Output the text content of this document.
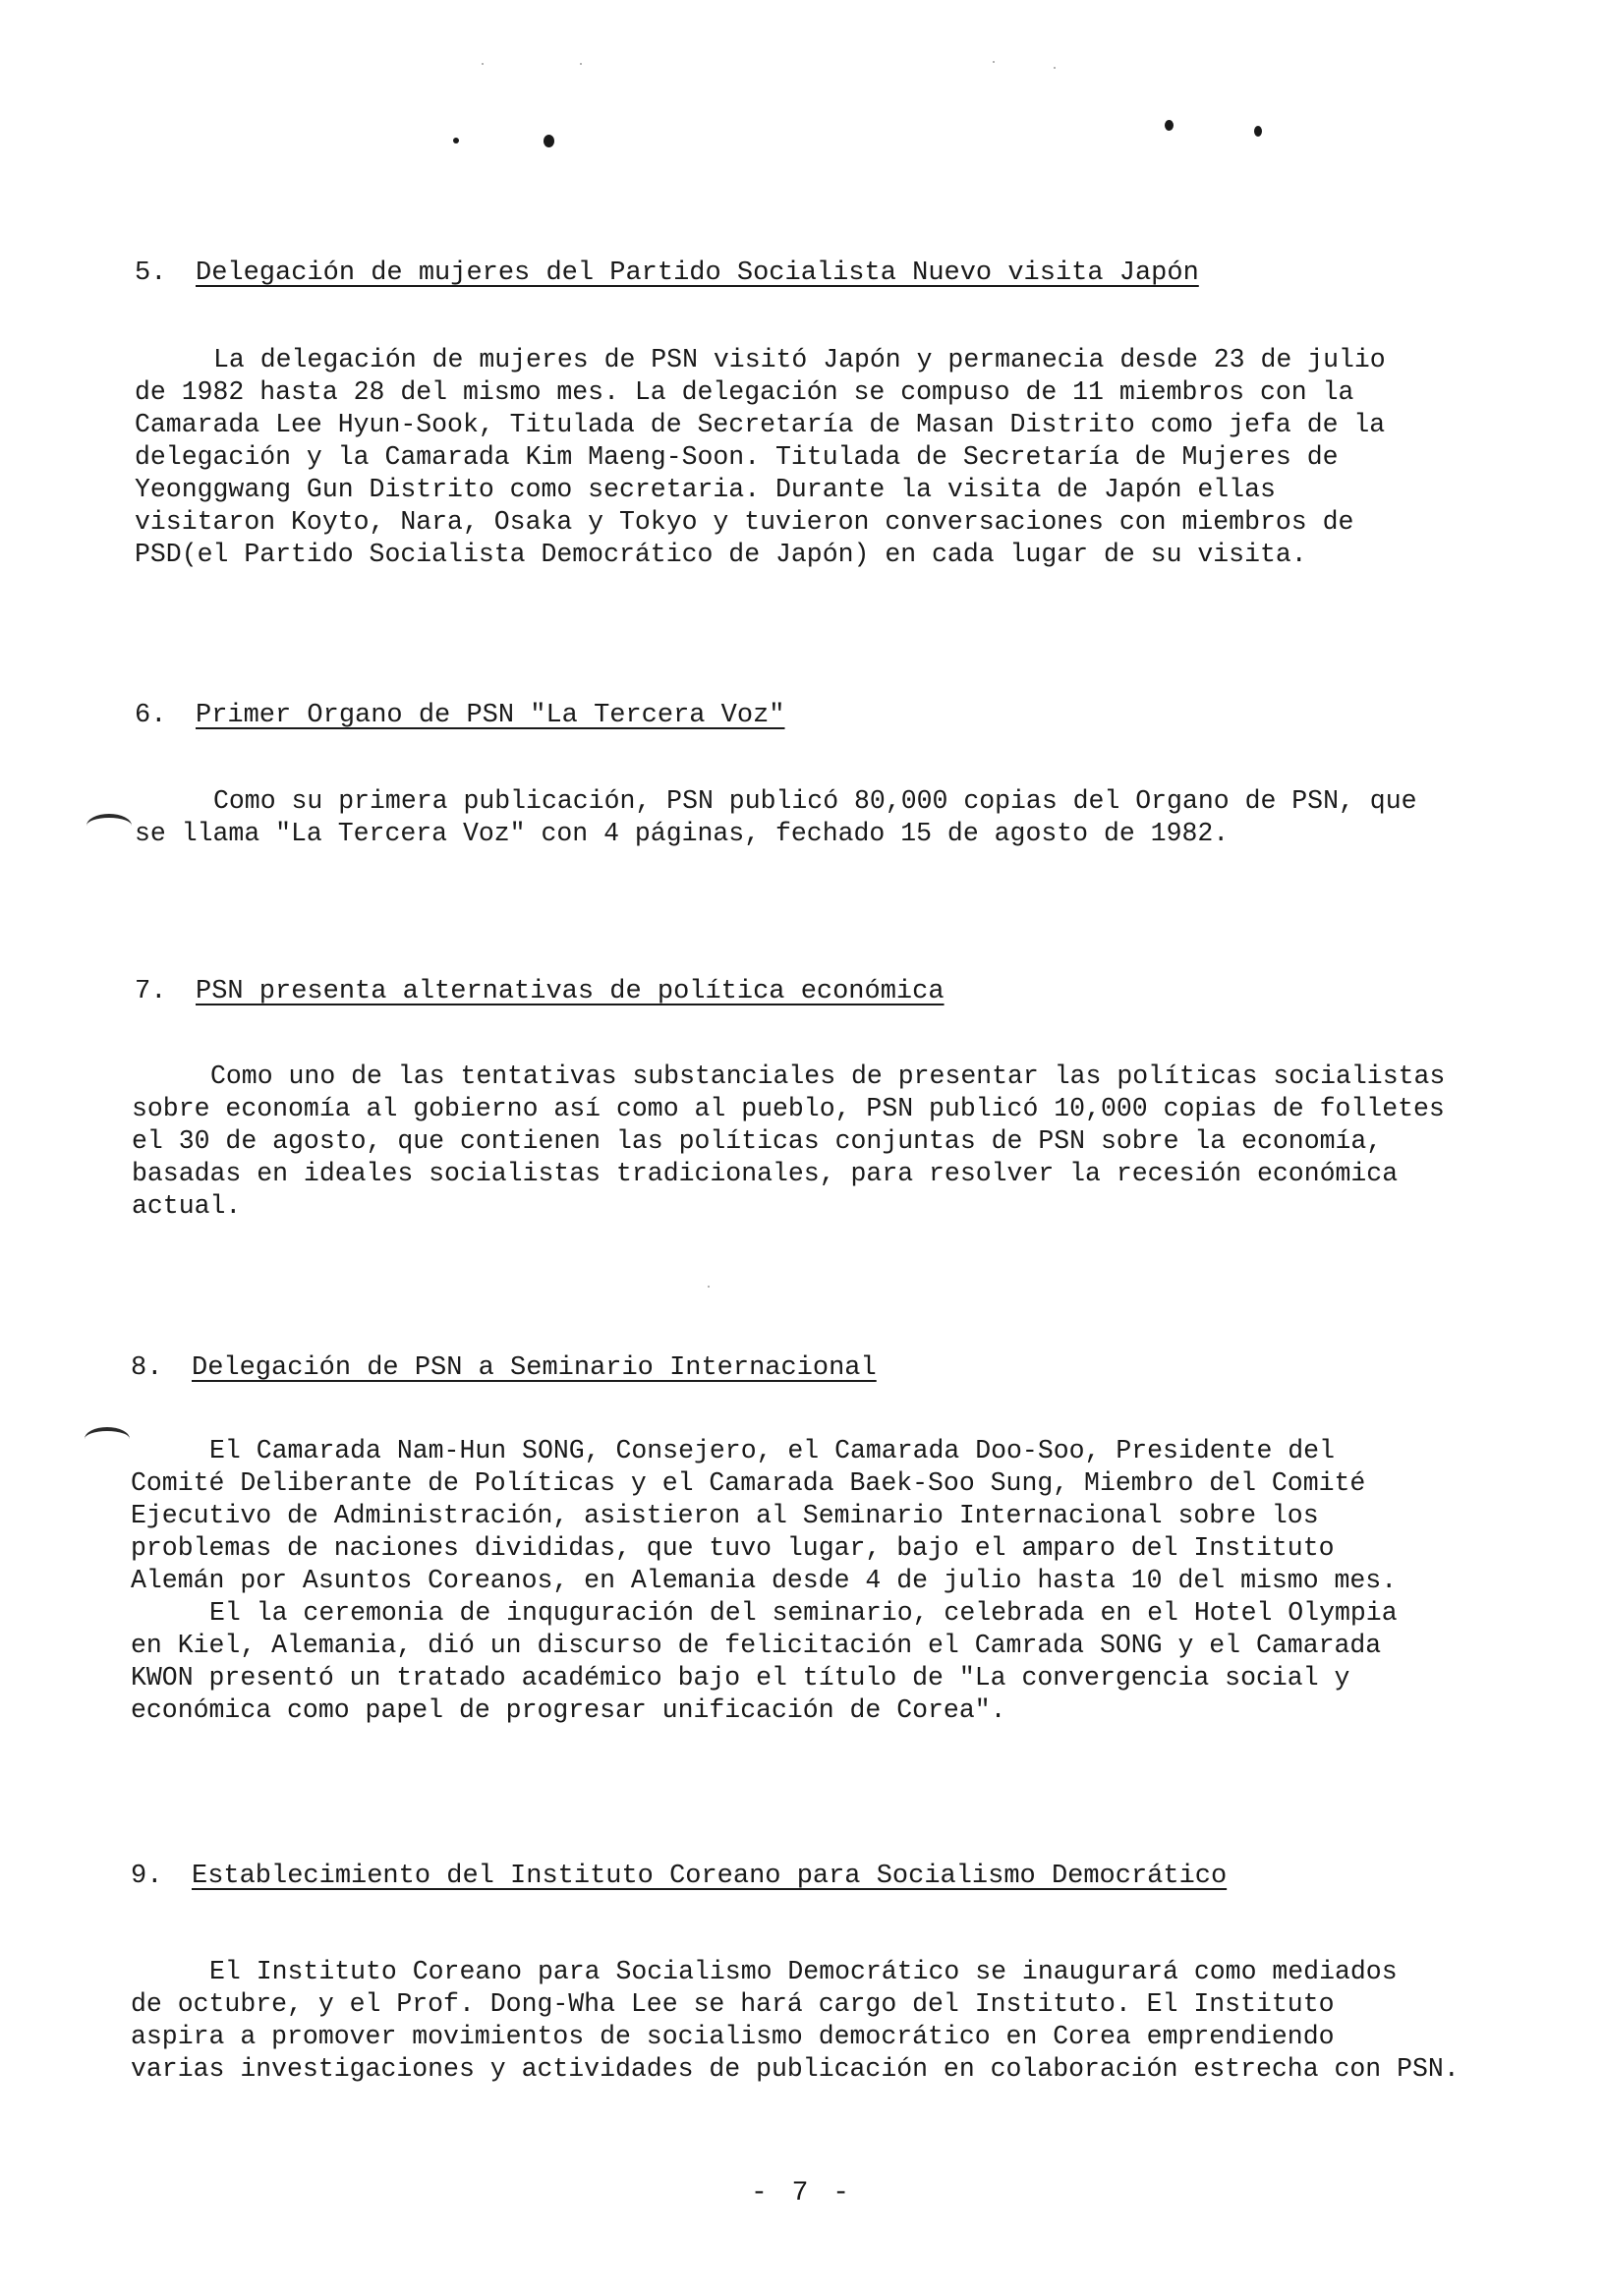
5. Delegación de mujeres del Partido Socialista Nuevo visita Japón
La delegación de mujeres de PSN visitó Japón y permanecia desde 23 de julio
de 1982 hasta 28 del mismo mes. La delegación se compuso de 11 miembros con la
Camarada Lee Hyun-Sook, Titulada de Secretaría de Masan Distrito como jefa de la
delegación y la Camarada Kim Maeng-Soon. Titulada de Secretaría de Mujeres de
Yeonggwang Gun Distrito como secretaria. Durante la visita de Japón ellas
visitaron Koyto, Nara, Osaka y Tokyo y tuvieron conversaciones con miembros de
PSD(el Partido Socialista Democrático de Japón) en cada lugar de su visita.
6. Primer Organo de PSN "La Tercera Voz"
Como su primera publicación, PSN publicó 80,000 copias del Organo de PSN, que
se llama "La Tercera Voz" con 4 páginas, fechado 15 de agosto de 1982.
7. PSN presenta alternativas de política económica
Como uno de las tentativas substanciales de presentar las políticas socialistas
sobre economía al gobierno así como al pueblo, PSN publicó 10,000 copias de folletes
el 30 de agosto, que contienen las políticas conjuntas de PSN sobre la economía,
basadas en ideales socialistas tradicionales, para resolver la recesión económica
actual.
8. Delegación de PSN a Seminario Internacional
El Camarada Nam-Hun SONG, Consejero, el Camarada Doo-Soo, Presidente del
Comité Deliberante de Políticas y el Camarada Baek-Soo Sung, Miembro del Comité
Ejecutivo de Administración, asistieron al Seminario Internacional sobre los
problemas de naciones divididas, que tuvo lugar, bajo el amparo del Instituto
Alemán por Asuntos Coreanos, en Alemania desde 4 de julio hasta 10 del mismo mes.
El la ceremonia de inquguración del seminario, celebrada en el Hotel Olympia
en Kiel, Alemania, dió un discurso de felicitación el Camrada SONG y el Camarada
KWON presentó un tratado académico bajo el título de "La convergencia social y
económica como papel de progresar unificación de Corea".
9. Establecimiento del Instituto Coreano para Socialismo Democrático
El Instituto Coreano para Socialismo Democrático se inaugurará como mediados
de octubre, y el Prof. Dong-Wha Lee se hará cargo del Instituto. El Instituto
aspira a promover movimientos de socialismo democrático en Corea emprendiendo
varias investigaciones y actividades de publicación en colaboración estrecha con PSN.
- 7 -
